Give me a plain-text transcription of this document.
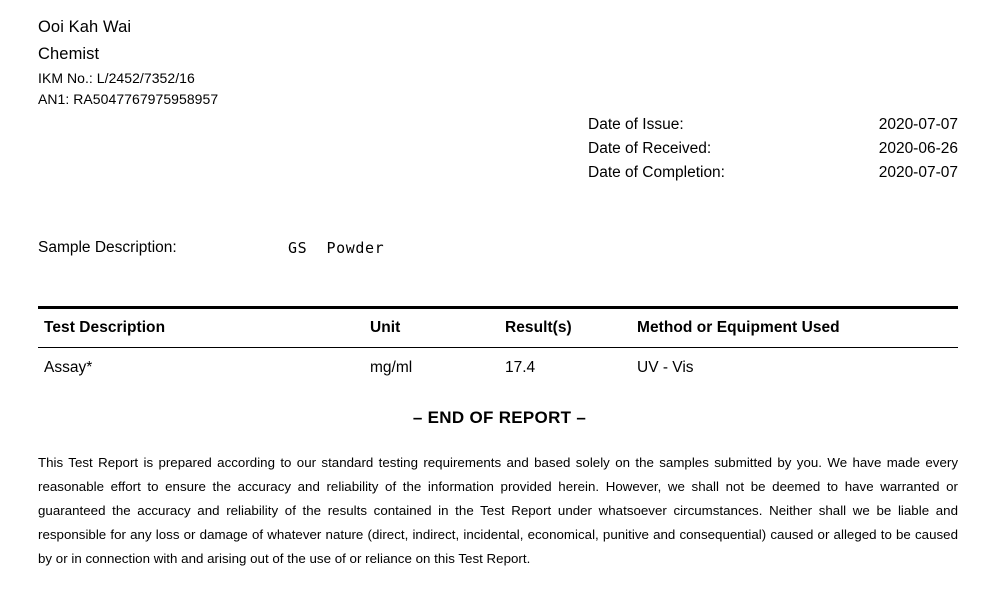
Ooi Kah Wai
Chemist
IKM No.: L/2452/7352/16
AN1: RA5047767975958957
Date of Issue:	2020-07-07
Date of Received:	2020-06-26
Date of Completion:	2020-07-07
Sample Description:	GS  Powder
Test Description	Unit	Result(s)	Method or Equipment Used
Assay*	mg/ml	17.4	UV - Vis
– END OF REPORT –

This Test Report is prepared according to our standard testing requirements and based solely on the samples submitted by you. We have made every reasonable effort to ensure the accuracy and reliability of the information provided herein. However, we shall not be deemed to have warranted or guaranteed the accuracy and reliability of the results contained in the Test Report under whatsoever circumstances. Neither shall we be liable and responsible for any loss or damage of whatever nature (direct, indirect, incidental, economical, punitive and consequential) caused or alleged to be caused by or in connection with and arising out of the use of or reliance on this Test Report.
